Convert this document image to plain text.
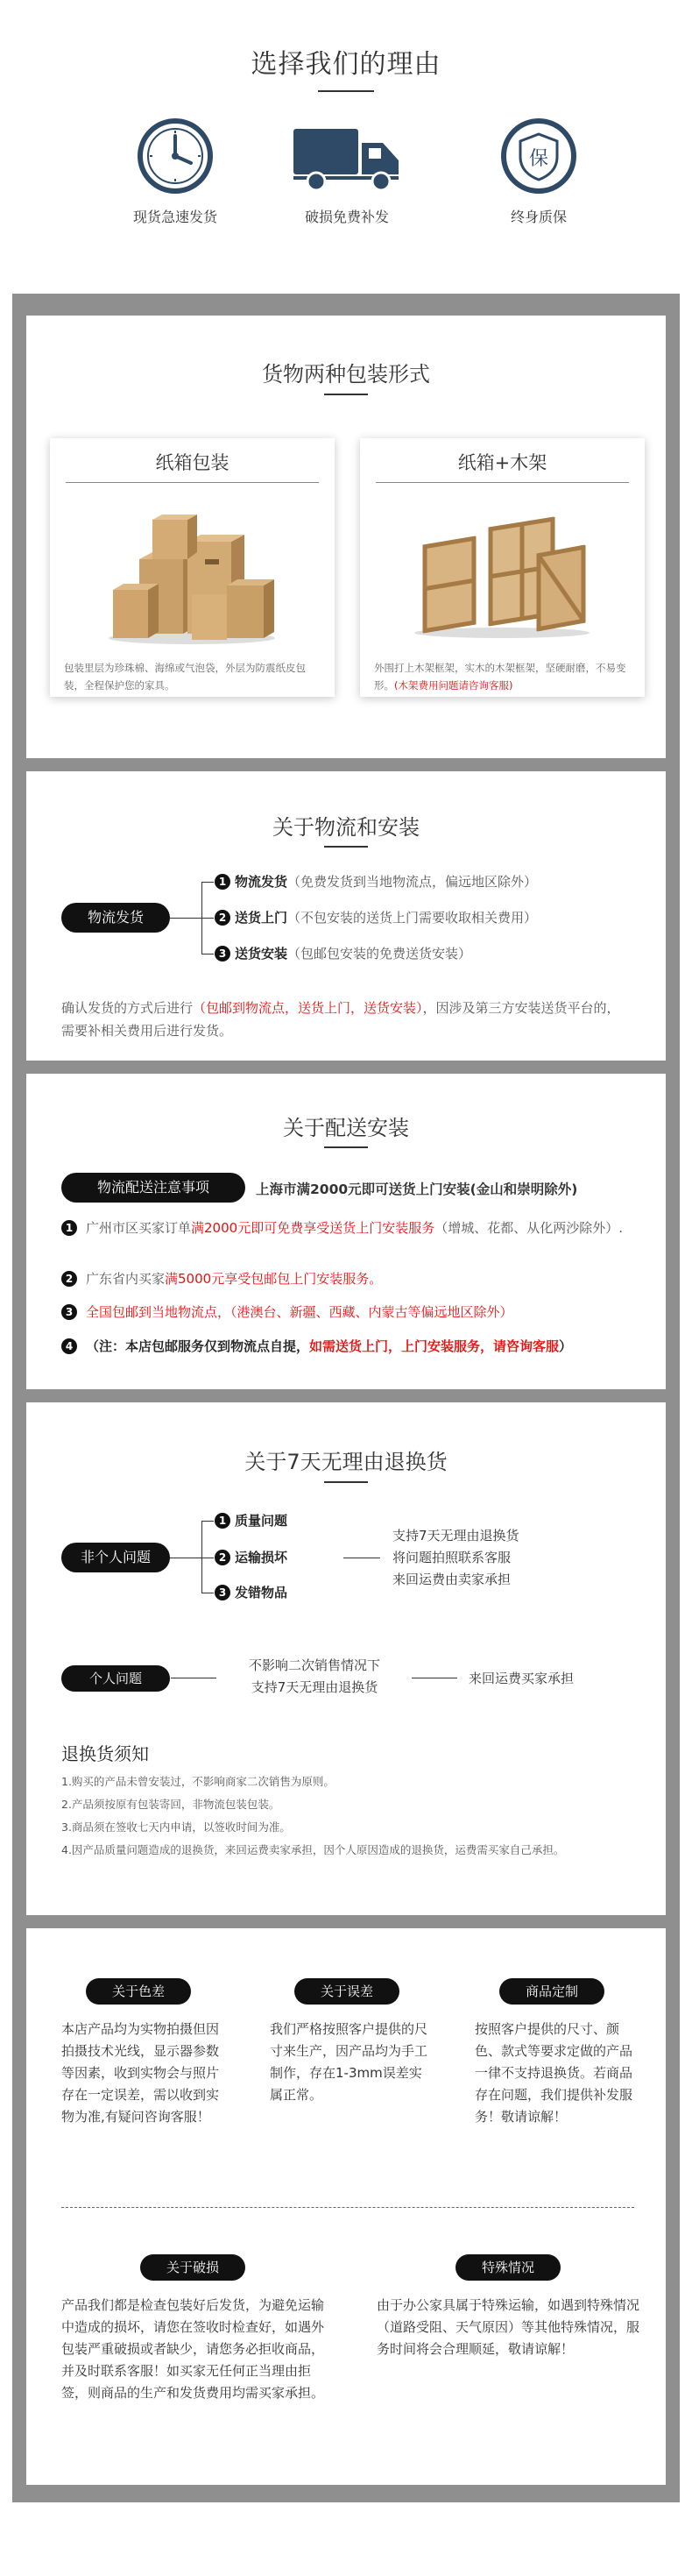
选择我们的理由
现货急速发货	破损免费补发
保
终身质保
货物两种包装形式
纸箱包装
包装里层为珍珠棉、海绵或气泡袋，外层为防震纸皮包装，全程保护您的家具。
纸箱+木架
外围打上木架框架，实木的木架框架，坚硬耐磨，不易变形。(木架费用问题请咨询客服)
关于物流和安装
物流发货
1 物流发货（免费发货到当地物流点，偏远地区除外）
2 送货上门（不包安装的送货上门需要收取相关费用）
3 送货安装（包邮包安装的免费送货安装）
确认发货的方式后进行（包邮到物流点，送货上门，送货安装），因涉及第三方安装送货平台的，需要补相关费用后进行发货。
关于配送安装
物流配送注意事项	上海市满2000元即可送货上门安装(金山和崇明除外)
1 广州市区买家订单满2000元即可免费享受送货上门安装服务（增城、花都、从化两沙除外）.
2 广东省内买家满5000元享受包邮包上门安装服务。
3 全国包邮到当地物流点，（港澳台、新疆、西藏、内蒙古等偏远地区除外）
4 （注：本店包邮服务仅到物流点自提，如需送货上门，上门安装服务，请咨询客服）
关于7天无理由退换货
非个人问题
1 质量问题
2 运输损坏
3 发错物品
支持7天无理由退换货
将问题拍照联系客服
来回运费由卖家承担
个人问题
不影响二次销售情况下
支持7天无理由退换货
来回运费买家承担
退换货须知
1.购买的产品未曾安装过，不影响商家二次销售为原则。
2.产品须按原有包装寄回，非物流包装包装。
3.商品须在签收七天内申请，以签收时间为准。
4.因产品质量问题造成的退换货，来回运费卖家承担，因个人原因造成的退换货，运费需买家自己承担。
关于色差
本店产品均为实物拍摄但因拍摄技术光线，显示器参数等因素，收到实物会与照片存在一定误差，需以收到实物为准,有疑问咨询客服！
关于误差
我们严格按照客户提供的尺寸来生产，因产品均为手工制作，存在1-3mm误差实属正常。
商品定制
按照客户提供的尺寸、颜色、款式等要求定做的产品一律不支持退换货。若商品存在问题，我们提供补发服务！敬请谅解！
关于破损
产品我们都是检查包装好后发货，为避免运输中造成的损坏，请您在签收时检查好，如遇外包装严重破损或者缺少，请您务必拒收商品，并及时联系客服！如买家无任何正当理由拒签，则商品的生产和发货费用均需买家承担。
特殊情况
由于办公家具属于特殊运输，如遇到特殊情况（道路受阻、天气原因）等其他特殊情况，服务时间将会合理顺延，敬请谅解！
